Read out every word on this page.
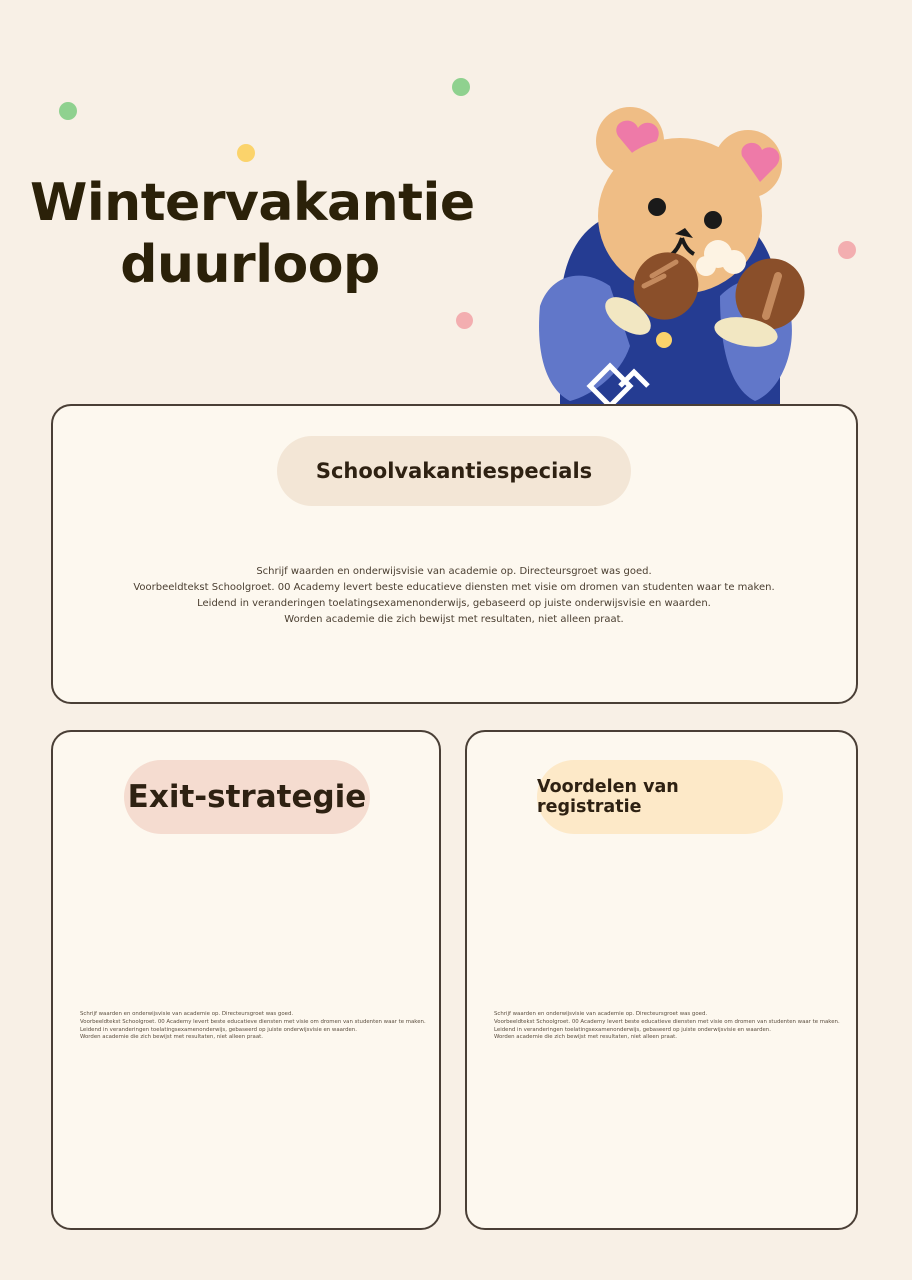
Wintervakantie
duurloop
Schoolvakantiespecials
Schrijf waarden en onderwijsvisie van academie op. Directeursgroet was goed.
Voorbeeldtekst Schoolgroet. 00 Academy levert beste educatieve diensten met visie om dromen van studenten waar te maken.
Leidend in veranderingen toelatingsexamenonderwijs, gebaseerd op juiste onderwijsvisie en waarden.
Worden academie die zich bewijst met resultaten, niet alleen praat.
Exit-strategie
Schrijf waarden en onderwijsvisie van academie op. Directeursgroet was goed.
Voorbeeldtekst Schoolgroet. 00 Academy levert beste educatieve diensten met visie om dromen van studenten waar te maken.
Leidend in veranderingen toelatingsexamenonderwijs, gebaseerd op juiste onderwijsvisie en waarden.
Worden academie die zich bewijst met resultaten, niet alleen praat.
Voordelen van registratie
Schrijf waarden en onderwijsvisie van academie op. Directeursgroet was goed.
Voorbeeldtekst Schoolgroet. 00 Academy levert beste educatieve diensten met visie om dromen van studenten waar te maken.
Leidend in veranderingen toelatingsexamenonderwijs, gebaseerd op juiste onderwijsvisie en waarden.
Worden academie die zich bewijst met resultaten, niet alleen praat.
